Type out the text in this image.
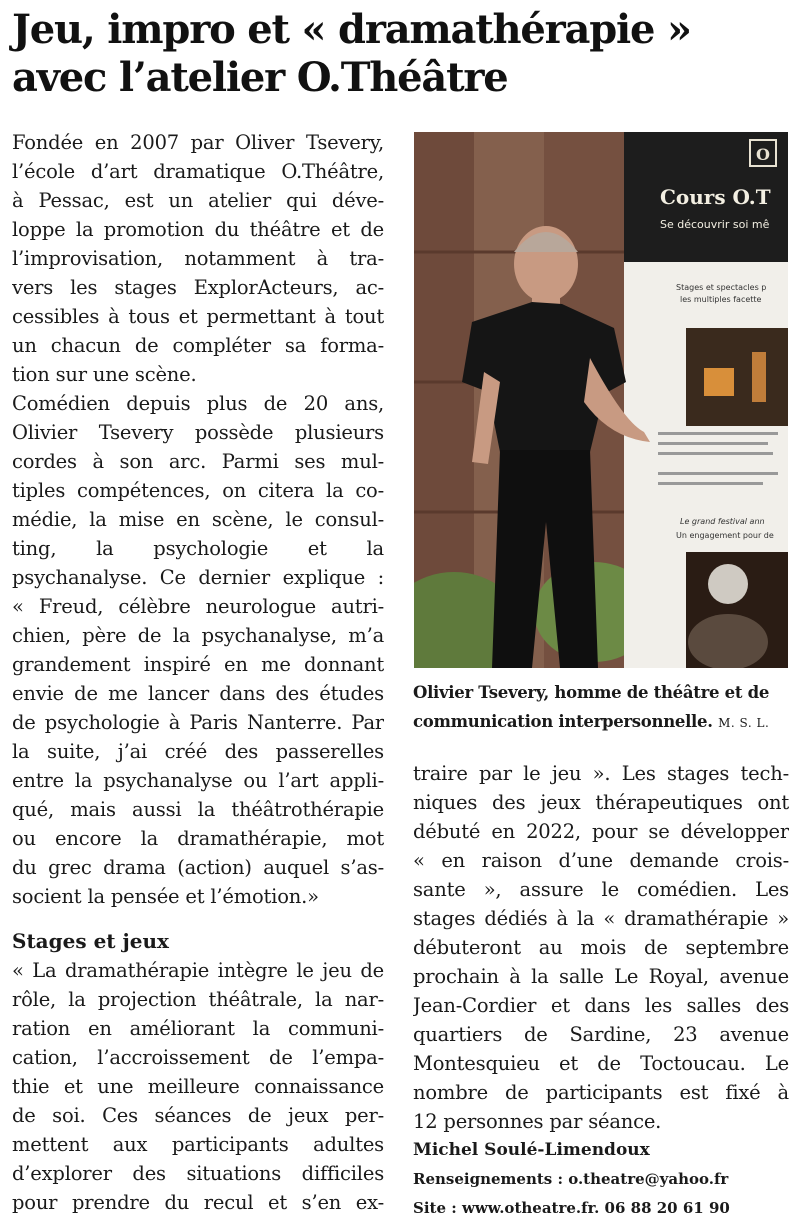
Jeu, impro et « dramathérapie »
avec l’atelier O.Théâtre
Fondée en 2007 par Oliver Tsevery,
l’école d’art dramatique O.Théâtre,
à Pessac, est un atelier qui déve-
loppe la promotion du théâtre et de
l’improvisation, notamment à tra-
vers les stages ExplorActeurs, ac-
cessibles à tous et permettant à tout
un chacun de compléter sa forma-
tion sur une scène.
Comédien depuis plus de 20 ans,
Olivier Tsevery possède plusieurs
cordes à son arc. Parmi ses mul-
tiples compétences, on citera la co-
médie, la mise en scène, le consul-
ting, la psychologie et la
psychanalyse. Ce dernier explique :
« Freud, célèbre neurologue autri-
chien, père de la psychanalyse, m’a
grandement inspiré en me donnant
envie de me lancer dans des études
de psychologie à Paris Nanterre. Par
la suite, j’ai créé des passerelles
entre la psychanalyse ou l’art appli-
qué, mais aussi la théâtrothérapie
ou encore la dramathérapie, mot
du grec drama (action) auquel s’as-
socient la pensée et l’émotion.»
Stages et jeux
« La dramathérapie intègre le jeu de
rôle, la projection théâtrale, la nar-
ration en améliorant la communi-
cation, l’accroissement de l’empa-
thie et une meilleure connaissance
de soi. Ces séances de jeux per-
mettent aux participants adultes
d’explorer des situations difficiles
pour prendre du recul et s’en ex-
O
Cours O.T
Se découvrir soi mê
Stages et spectacles p
les multiples facette
Le grand festival ann
Un engagement pour de
Olivier Tsevery, homme de théâtre et de communication interpersonnelle. M. S. L.
traire par le jeu ». Les stages tech-
niques des jeux thérapeutiques ont
débuté en 2022, pour se développer
« en raison d’une demande crois-
sante », assure le comédien. Les
stages dédiés à la « dramathérapie »
débuteront au mois de septembre
prochain à la salle Le Royal, avenue
Jean-Cordier et dans les salles des
quartiers de Sardine, 23 avenue
Montesquieu et de Toctoucau. Le
nombre de participants est fixé à
12 personnes par séance.
Michel Soulé-Limendoux
Renseignements : o.theatre@yahoo.fr
Site : www.otheatre.fr. 06 88 20 61 90
